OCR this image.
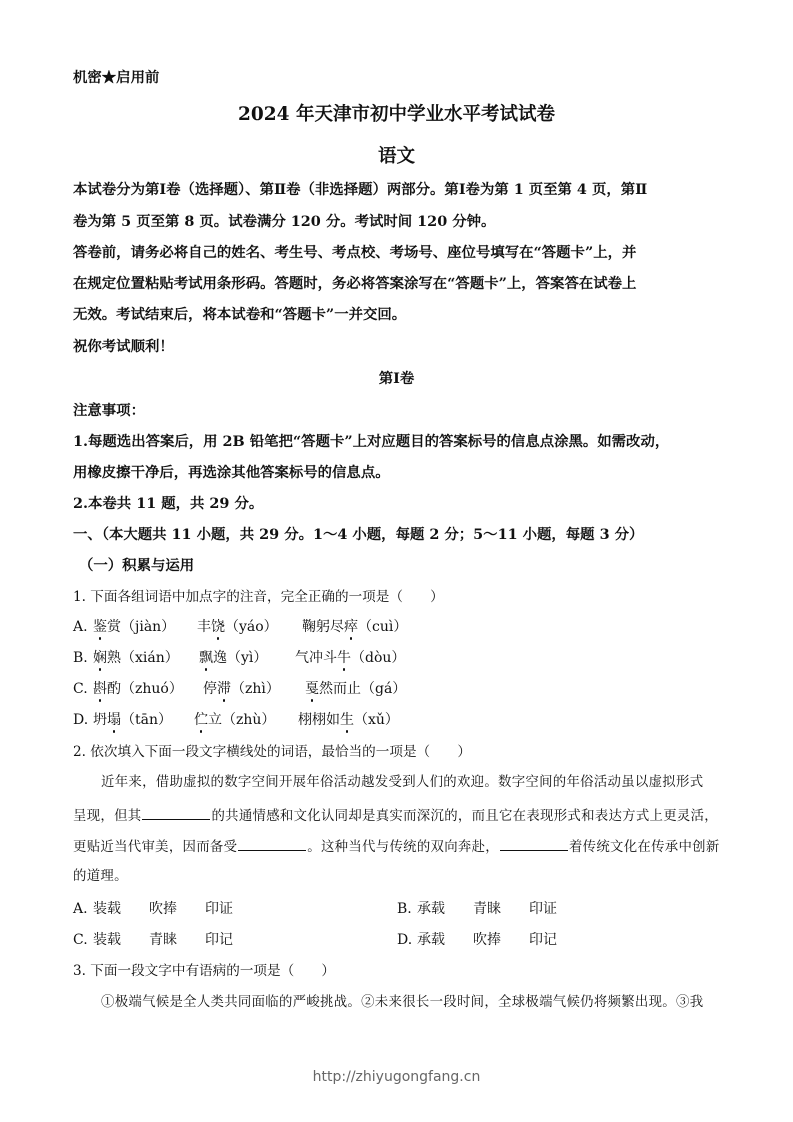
机密★启用前
2024 年天津市初中学业水平考试试卷
语文
本试卷分为第Ⅰ卷（选择题）、第Ⅱ卷（非选择题）两部分。第Ⅰ卷为第 1 页至第 4 页，第Ⅱ
卷为第 5 页至第 8 页。试卷满分 120 分。考试时间 120 分钟。
答卷前，请务必将自己的姓名、考生号、考点校、考场号、座位号填写在“答题卡”上，并
在规定位置粘贴考试用条形码。答题时，务必将答案涂写在“答题卡”上，答案答在试卷上
无效。考试结束后，将本试卷和“答题卡”一并交回。
祝你考试顺利！
第Ⅰ卷
注意事项：
1.每题选出答案后，用 2B 铅笔把“答题卡”上对应题目的答案标号的信息点涂黑。如需改动，
用橡皮擦干净后，再选涂其他答案标号的信息点。
2.本卷共 11 题，共 29 分。
一、（本大题共 11 小题，共 29 分。1～4 小题，每题 2 分；5～11 小题，每题 3 分）
（一）积累与运用
1. 下面各组词语中加点字的注音，完全正确的一项是（　　）
A. 鉴赏（jiàn） 丰饶（yáo） 鞠躬尽瘁（cuì）
B. 娴熟（xián） 飘逸（yì） 气冲斗牛（dòu）
C. 斟酌（zhuó） 停滞（zhì） 戛然而止（gá）
D. 坍塌（tān） 伫立（zhù） 栩栩如生（xǔ）
2. 依次填入下面一段文字横线处的词语，最恰当的一项是（　　）
近年来，借助虚拟的数字空间开展年俗活动越发受到人们的欢迎。数字空间的年俗活动虽以虚拟形式
呈现，但其	的共通情感和文化认同却是真实而深沉的，而且它在表现形式和表达方式上更灵活，
更贴近当代审美，因而备受	。这种当代与传统的双向奔赴，	着传统文化在传承中创新
的道理。
A. 装载 吹捧 印证	B. 承载 青睐 印证
C. 装载 青睐 印记	D. 承载 吹捧 印记
3. 下面一段文字中有语病的一项是（　　）
①极端气候是全人类共同面临的严峻挑战。②未来很长一段时间，全球极端气候仍将频繁出现。③我
http://zhiyugongfang.cn
